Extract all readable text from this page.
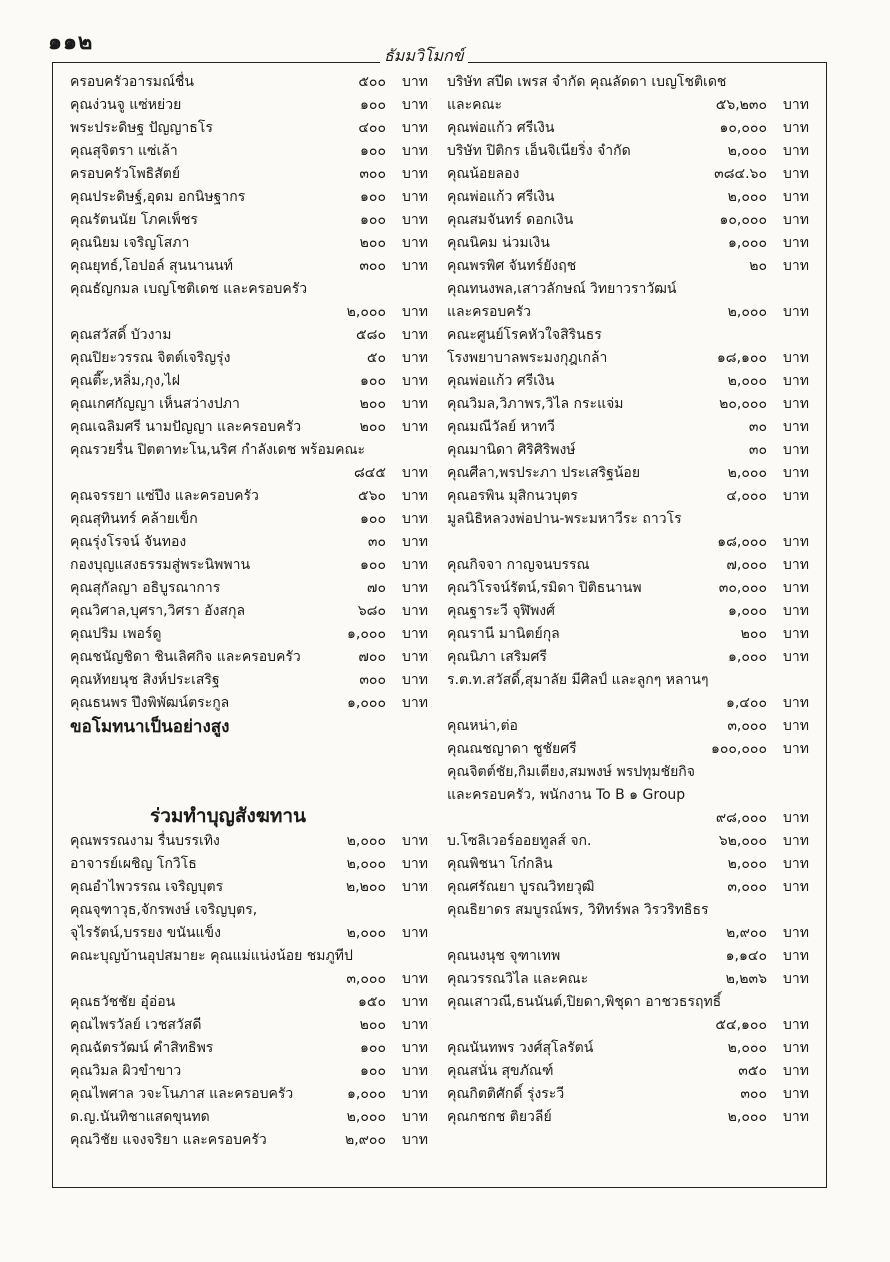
๑๑๒
ธัมมวิโมกข์
ครอบครัวอารมณ์ชื่น	๕๐๐ บาท
คุณง่วนจู แซ่หย่วย	๑๐๐ บาท
พระประดิษฐ ปัญญาธโร	๔๐๐ บาท
คุณสุจิตรา แซ่เล้า	๑๐๐ บาท
ครอบครัวโพธิสัตย์	๓๐๐ บาท
คุณประดิษฐ์,อุดม อกนิษฐากร	๑๐๐ บาท
คุณรัตนนัย โภคเพ็ชร	๑๐๐ บาท
คุณนิยม เจริญโสภา	๒๐๐ บาท
คุณยุทธ์,โอปอล์ สุนนานนท์	๓๐๐ บาท
คุณธัญกมล เบญโชติเดช และครอบครัว
๒,๐๐๐ บาท
คุณสวัสดิ์ บัวงาม	๕๘๐ บาท
คุณปิยะวรรณ จิตต์เจริญรุ่ง	๕๐ บาท
คุณตี๊ะ,หลิ่ม,กุง,ไฝ	๑๐๐ บาท
คุณเกศกัญญา เห็นสว่างปภา	๒๐๐ บาท
คุณเฉลิมศรี นามปัญญา และครอบครัว	๒๐๐ บาท
คุณรวยรื่น ปิตตาทะโน,นริศ กำลังเดช พร้อมคณะ
๘๔๕ บาท
คุณจรรยา แซ่ปึง และครอบครัว	๕๖๐ บาท
คุณสุทินทร์ คล้ายเข็ก	๑๐๐ บาท
คุณรุ่งโรจน์ จันทอง	๓๐ บาท
กองบุญแสงธรรมสู่พระนิพพาน	๑๐๐ บาท
คุณสุกัลญา อธิบูรณาการ	๗๐ บาท
คุณวิศาล,บุศรา,วิศรา อังสกุล	๖๘๐ บาท
คุณปริม เพอร์ดู	๑,๐๐๐ บาท
คุณชนัญชิดา ชินเลิศกิจ และครอบครัว	๗๐๐ บาท
คุณหัทยนุช สิงห์ประเสริฐ	๓๐๐ บาท
คุณธนพร ปึงพิพัฒน์ตระกูล	๑,๐๐๐ บาท
ขอโมทนาเป็นอย่างสูง
ร่วมทำบุญสังฆทาน
คุณพรรณงาม รื่นบรรเทิง	๒,๐๐๐ บาท
อาจารย์เผชิญ โกวิโธ	๒,๐๐๐ บาท
คุณอำไพวรรณ เจริญบุตร	๒,๒๐๐ บาท
คุณจุฑาวุธ,จักรพงษ์ เจริญบุตร,
จุไรรัตน์,บรรยง ขนันแข็ง	๒,๐๐๐ บาท
คณะบุญบ้านอุปสมายะ คุณแม่แน่งน้อย ชมภูทีป
๓,๐๐๐ บาท
คุณธวัชชัย อุ๋อ่อน	๑๕๐ บาท
คุณไพรวัลย์ เวชสวัสดี	๒๐๐ บาท
คุณฉัตรวัฒน์ คำสิทธิพร	๑๐๐ บาท
คุณวิมล ผิวขำขาว	๑๐๐ บาท
คุณไพศาล วจะโนภาส และครอบครัว	๑,๐๐๐ บาท
ด.ญ.นันทิชาแสดขุนทด	๒,๐๐๐ บาท
คุณวิชัย แจงจริยา และครอบครัว	๒,๙๐๐ บาท
บริษัท สปีด เพรส จำกัด คุณลัดดา เบญโชติเดช
และคณะ	๕๖,๒๓๐ บาท
คุณพ่อแก้ว ศรีเงิน	๑๐,๐๐๐ บาท
บริษัท ปิติกร เอ็นจิเนียริ่ง จำกัด	๒,๐๐๐ บาท
คุณน้อยลอง	๓๘๔.๖๐ บาท
คุณพ่อแก้ว ศรีเงิน	๒,๐๐๐ บาท
คุณสมจันทร์ ดอกเงิน	๑๐,๐๐๐ บาท
คุณนิคม น่วมเงิน	๑,๐๐๐ บาท
คุณพรพิศ จันทร์ยังฤช	๒๐ บาท
คุณทนงพล,เสาวลักษณ์ วิทยาวราวัฒน์
และครอบครัว	๒,๐๐๐ บาท
คณะศูนย์โรคหัวใจสิรินธร
โรงพยาบาลพระมงกุฎเกล้า	๑๘,๑๐๐ บาท
คุณพ่อแก้ว ศรีเงิน	๒,๐๐๐ บาท
คุณวิมล,วิภาพร,วิไล กระแจ่ม	๒๐,๐๐๐ บาท
คุณมณีวัลย์ หาทวี	๓๐ บาท
คุณมานิดา ศิริศิริพงษ์	๓๐ บาท
คุณศีลา,พรประภา ประเสริฐน้อย	๒,๐๐๐ บาท
คุณอรพิน มุสิกนวบุตร	๔,๐๐๐ บาท
มูลนิธิหลวงพ่อปาน-พระมหาวีระ ถาวโร
๑๘,๐๐๐ บาท
คุณกิจจา กาญจนบรรณ	๗,๐๐๐ บาท
คุณวิโรจน์รัตน์,รมิดา ปิติธนานพ	๓๐,๐๐๐ บาท
คุณฐาระวี จุฬิพงศ์	๑,๐๐๐ บาท
คุณรานี มานิตย์กุล	๒๐๐ บาท
คุณนิภา เสริมศรี	๑,๐๐๐ บาท
ร.ต.ท.สวัสดิ์,สุมาลัย มีศิลป์ และลูกๆ หลานๆ
๑,๔๐๐ บาท
คุณหน่า,ต่อ	๓,๐๐๐ บาท
คุณณชญาดา ชูชัยศรี	๑๐๐,๐๐๐ บาท
คุณจิตต์ชัย,กิมเตียง,สมพงษ์ พรปทุมชัยกิจ
และครอบครัว, พนักงาน To B ๑ Group
๙๘,๐๐๐ บาท
บ.โซลิเวอร์ออยทูลส์ จก.	๖๒,๐๐๐ บาท
คุณพิชนา โก๋กลิน	๒,๐๐๐ บาท
คุณศรัณยา บูรณวิทยวุฒิ	๓,๐๐๐ บาท
คุณธิยาดร สมบูรณ์พร, วิทิทร์พล วิรวริทธิธร
๒,๙๐๐ บาท
คุณนงนุช จุฑาเทพ	๑,๑๔๐ บาท
คุณวรรณวิไล และคณะ	๒,๒๓๖ บาท
คุณเสาวณี,ธนนันต์,ปิยดา,พิชุดา อาชวธรฤทธิ์
๕๔,๑๐๐ บาท
คุณนันทพร วงศ์สุโลรัตน์	๒,๐๐๐ บาท
คุณสนั่น สุขภัณฑ์	๓๕๐ บาท
คุณกิตติศักดิ์ รุ่งระวี	๓๐๐ บาท
คุณกชกช ติยวลีย์	๒,๐๐๐ บาท
